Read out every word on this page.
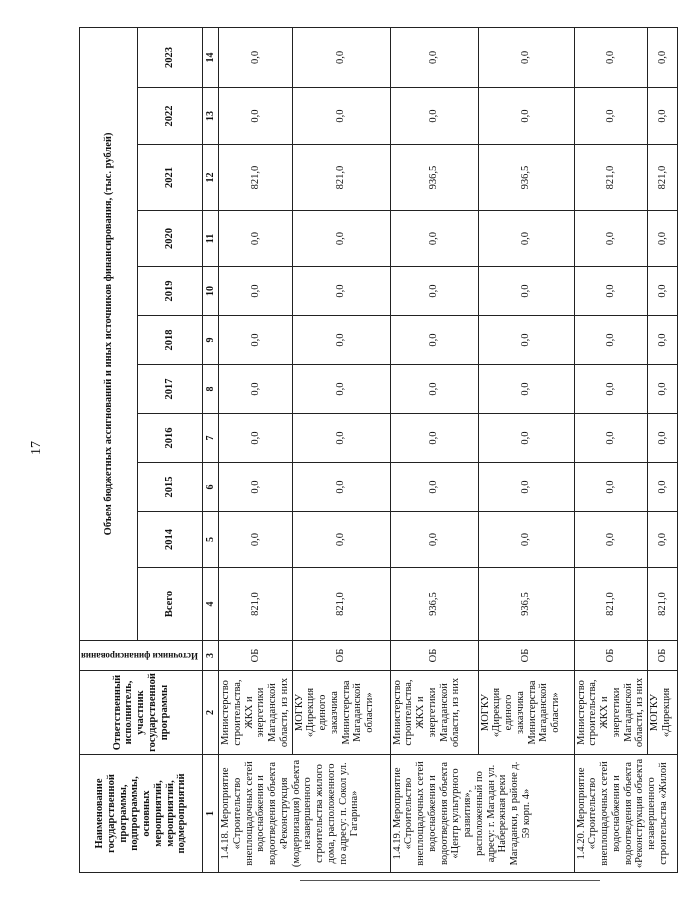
17
Наименование государственной программы, подпрограммы, основных мероприятий, мероприятий, подмероприятий	Ответственный исполнитель, участник государственной программы	Источники финансирования	Объем бюджетных ассигнований и иных источников финансирования, (тыс. рублей)										
			Всего	2014	2015	2016	2017	2018	2019	2020	2021	2022	2023
1	2	3	4	5	6	7	8	9	10	11	12	13	14
1.4.18. Мероприятие «Строительство внеплощадочных сетей водоснабжения и водоотведения объекта «Реконструкция (модернизация) объекта незавершенного строительства жилого дома, расположенного по адресу: п. Сокол ул. Гагарина»	Министерство строительства, ЖКХ и энергетики Магаданской области, из них	ОБ	821,0	0,0	0,0	0,0	0,0	0,0	0,0	0,0	821,0	0,0	0,0
	МОГКУ «Дирекция единого заказчика Министерства Магаданской области»	ОБ	821,0	0,0	0,0	0,0	0,0	0,0	0,0	0,0	821,0	0,0	0,0
1.4.19. Мероприятие «Строительство внеплощадочных сетей водоснабжения и водоотведения объекта «Центр культурного развития», расположенный по адресу: г. Магадан ул. Набережная реки Магаданки, в районе д. 59 корп. 4»	Министерство строительства, ЖКХ и энергетики Магаданской области, из них	ОБ	936,5	0,0	0,0	0,0	0,0	0,0	0,0	0,0	936,5	0,0	0,0
	МОГКУ «Дирекция единого заказчика Министерства Магаданской области»	ОБ	936,5	0,0	0,0	0,0	0,0	0,0	0,0	0,0	936,5	0,0	0,0
1.4.20. Мероприятие «Строительство внеплощадочных сетей водоснабжения и водоотведения объекта «Реконструкция объекта незавершенного строительства «Жилой	Министерство строительства, ЖКХ и энергетики Магаданской области, из них	ОБ	821,0	0,0	0,0	0,0	0,0	0,0	0,0	0,0	821,0	0,0	0,0
	МОГКУ «Дирекция	ОБ	821,0	0,0	0,0	0,0	0,0	0,0	0,0	0,0	821,0	0,0	0,0
